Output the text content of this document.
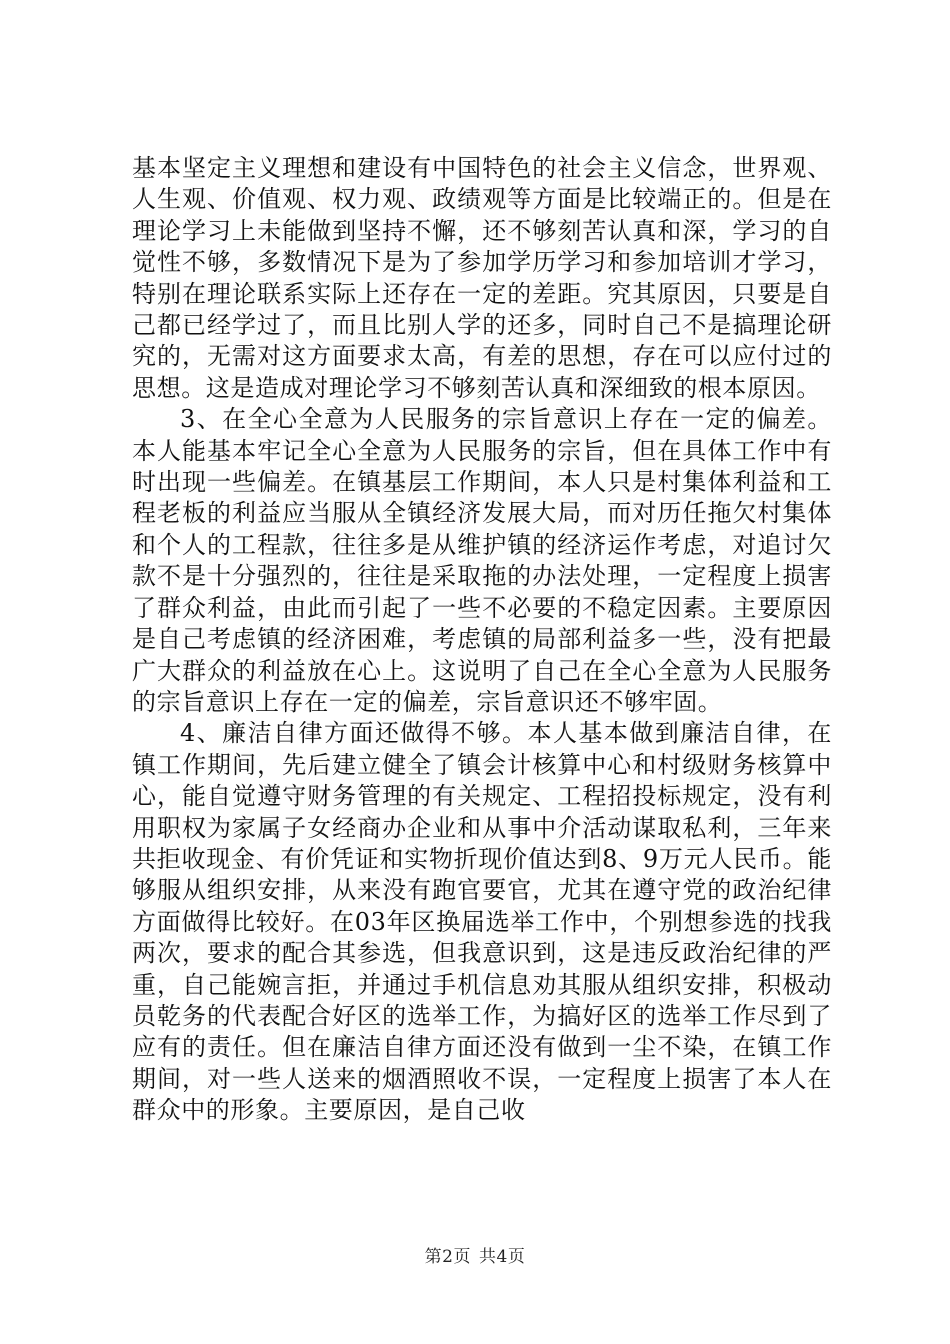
基本坚定主义理想和建设有中国特色的社会主义信念，世界观、人生观、价值观、权力观、政绩观等方面是比较端正的。但是在理论学习上未能做到坚持不懈，还不够刻苦认真和深，学习的自觉性不够，多数情况下是为了参加学历学习和参加培训才学习，特别在理论联系实际上还存在一定的差距。究其原因，只要是自己都已经学过了，而且比别人学的还多，同时自己不是搞理论研究的，无需对这方面要求太高，有差的思想，存在可以应付过的思想。这是造成对理论学习不够刻苦认真和深细致的根本原因。

3、在全心全意为人民服务的宗旨意识上存在一定的偏差。本人能基本牢记全心全意为人民服务的宗旨，但在具体工作中有时出现一些偏差。在镇基层工作期间，本人只是村集体利益和工程老板的利益应当服从全镇经济发展大局，而对历任拖欠村集体和个人的工程款，往往多是从维护镇的经济运作考虑，对追讨欠款不是十分强烈的，往往是采取拖的办法处理，一定程度上损害了群众利益，由此而引起了一些不必要的不稳定因素。主要原因是自己考虑镇的经济困难，考虑镇的局部利益多一些，没有把最广大群众的利益放在心上。这说明了自己在全心全意为人民服务的宗旨意识上存在一定的偏差，宗旨意识还不够牢固。

4、廉洁自律方面还做得不够。本人基本做到廉洁自律，在镇工作期间，先后建立健全了镇会计核算中心和村级财务核算中心，能自觉遵守财务管理的有关规定、工程招投标规定，没有利用职权为家属子女经商办企业和从事中介活动谋取私利，三年来共拒收现金、有价凭证和实物折现价值达到8、9万元人民币。能够服从组织安排，从来没有跑官要官，尤其在遵守党的政治纪律方面做得比较好。在03年区换届选举工作中，个别想参选的找我两次，要求的配合其参选，但我意识到，这是违反政治纪律的严重，自己能婉言拒，并通过手机信息劝其服从组织安排，积极动员乾务的代表配合好区的选举工作，为搞好区的选举工作尽到了应有的责任。但在廉洁自律方面还没有做到一尘不染，在镇工作期间，对一些人送来的烟酒照收不误，一定程度上损害了本人在群众中的形象。主要原因，是自己收

第2页 共4页
